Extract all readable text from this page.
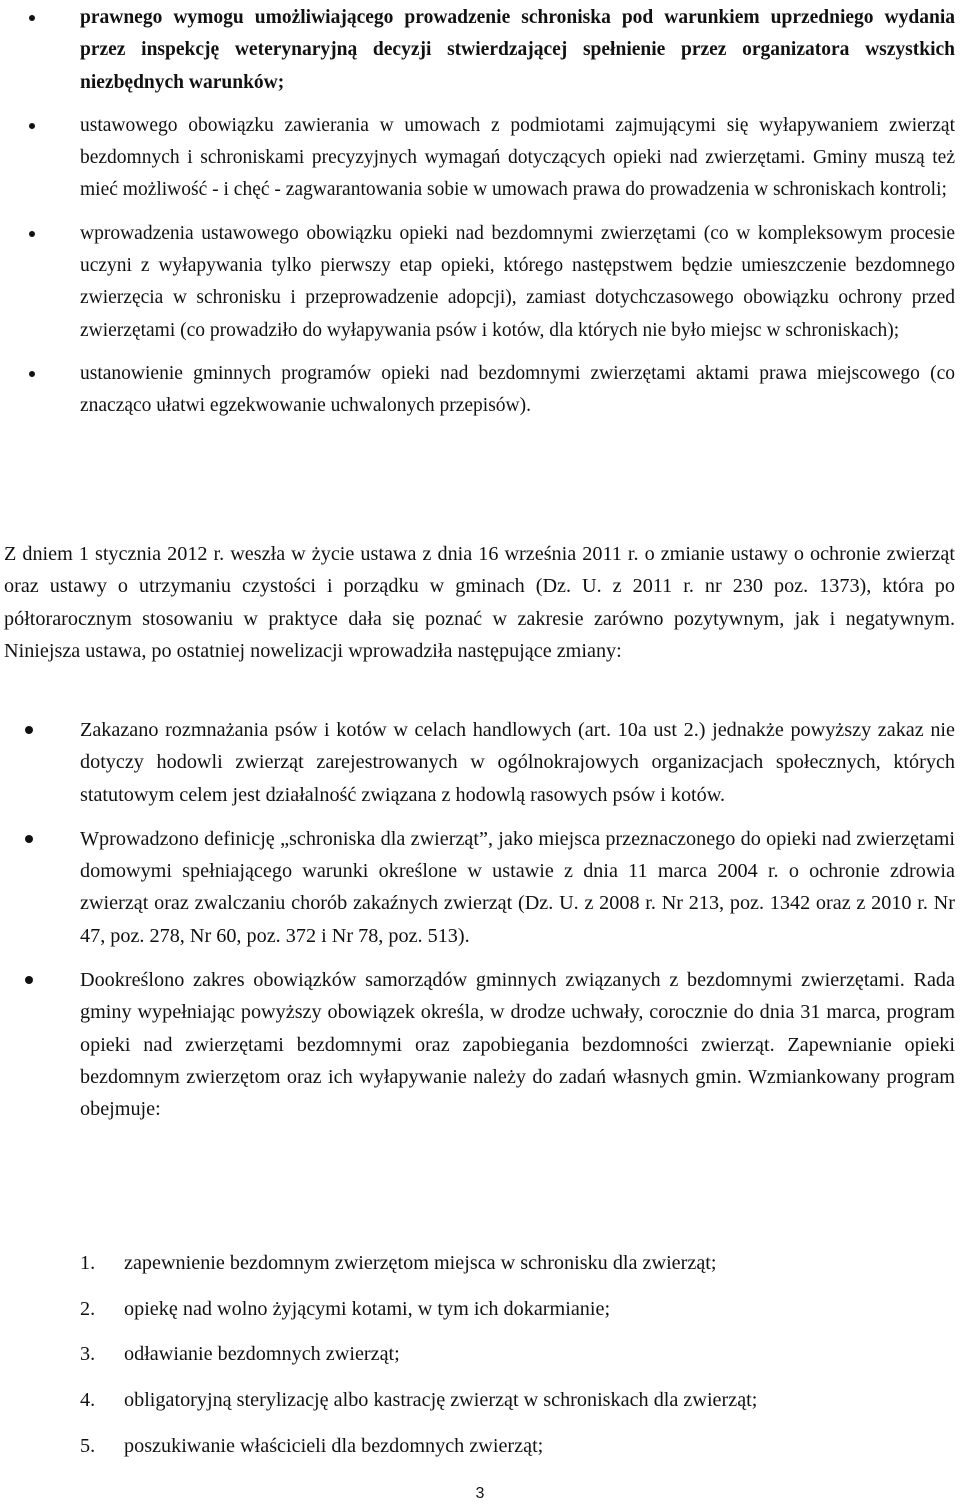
prawnego wymogu umożliwiającego prowadzenie schroniska pod warunkiem uprzedniego wydania przez inspekcję weterynaryjną decyzji stwierdzającej spełnienie przez organizatora wszystkich niezbędnych warunków;
ustawowego obowiązku zawierania w umowach z podmiotami zajmującymi się wyłapywaniem zwierząt bezdomnych i schroniskami precyzyjnych wymagań dotyczących opieki nad zwierzętami. Gminy muszą też mieć możliwość - i chęć - zagwarantowania sobie w umowach prawa do prowadzenia w schroniskach kontroli;
wprowadzenia ustawowego obowiązku opieki nad bezdomnymi zwierzętami (co w kompleksowym procesie uczyni z wyłapywania tylko pierwszy etap opieki, którego następstwem będzie umieszczenie bezdomnego zwierzęcia w schronisku i przeprowadzenie adopcji), zamiast dotychczasowego obowiązku ochrony przed zwierzętami (co prowadziło do wyłapywania psów i kotów, dla których nie było miejsc w schroniskach);
ustanowienie gminnych programów opieki nad bezdomnymi zwierzętami aktami prawa miejscowego (co znacząco ułatwi egzekwowanie uchwalonych przepisów).

Z dniem 1 stycznia 2012 r. weszła w życie ustawa z dnia 16 września 2011 r. o zmianie ustawy o ochronie zwierząt oraz ustawy o utrzymaniu czystości i porządku w gminach (Dz. U. z 2011 r. nr 230 poz. 1373), która po półtorarocznym stosowaniu w praktyce dała się poznać w zakresie zarówno pozytywnym, jak i negatywnym. Niniejsza ustawa, po ostatniej nowelizacji wprowadziła następujące zmiany:

Zakazano rozmnażania psów i kotów w celach handlowych (art. 10a ust 2.) jednakże powyższy zakaz nie dotyczy hodowli zwierząt zarejestrowanych w ogólnokrajowych organizacjach społecznych, których statutowym celem jest działalność związana z hodowlą rasowych psów i kotów.
Wprowadzono definicję „schroniska dla zwierząt”, jako miejsca przeznaczonego do opieki nad zwierzętami domowymi spełniającego warunki określone w ustawie z dnia 11 marca 2004 r. o ochronie zdrowia zwierząt oraz zwalczaniu chorób zakaźnych zwierząt (Dz. U. z 2008 r. Nr 213, poz. 1342 oraz z 2010 r. Nr 47, poz. 278, Nr 60, poz. 372 i Nr 78, poz. 513).
Dookreślono zakres obowiązków samorządów gminnych związanych z bezdomnymi zwierzętami. Rada gminy wypełniając powyższy obowiązek określa, w drodze uchwały, corocznie do dnia 31 marca, program opieki nad zwierzętami bezdomnymi oraz zapobiegania bezdomności zwierząt. Zapewnianie opieki bezdomnym zwierzętom oraz ich wyłapywanie należy do zadań własnych gmin. Wzmiankowany program obejmuje:
1. zapewnienie bezdomnym zwierzętom miejsca w schronisku dla zwierząt;
2. opiekę nad wolno żyjącymi kotami, w tym ich dokarmianie;
3. odławianie bezdomnych zwierząt;
4. obligatoryjną sterylizację albo kastrację zwierząt w schroniskach dla zwierząt;
5. poszukiwanie właścicieli dla bezdomnych zwierząt;
3
